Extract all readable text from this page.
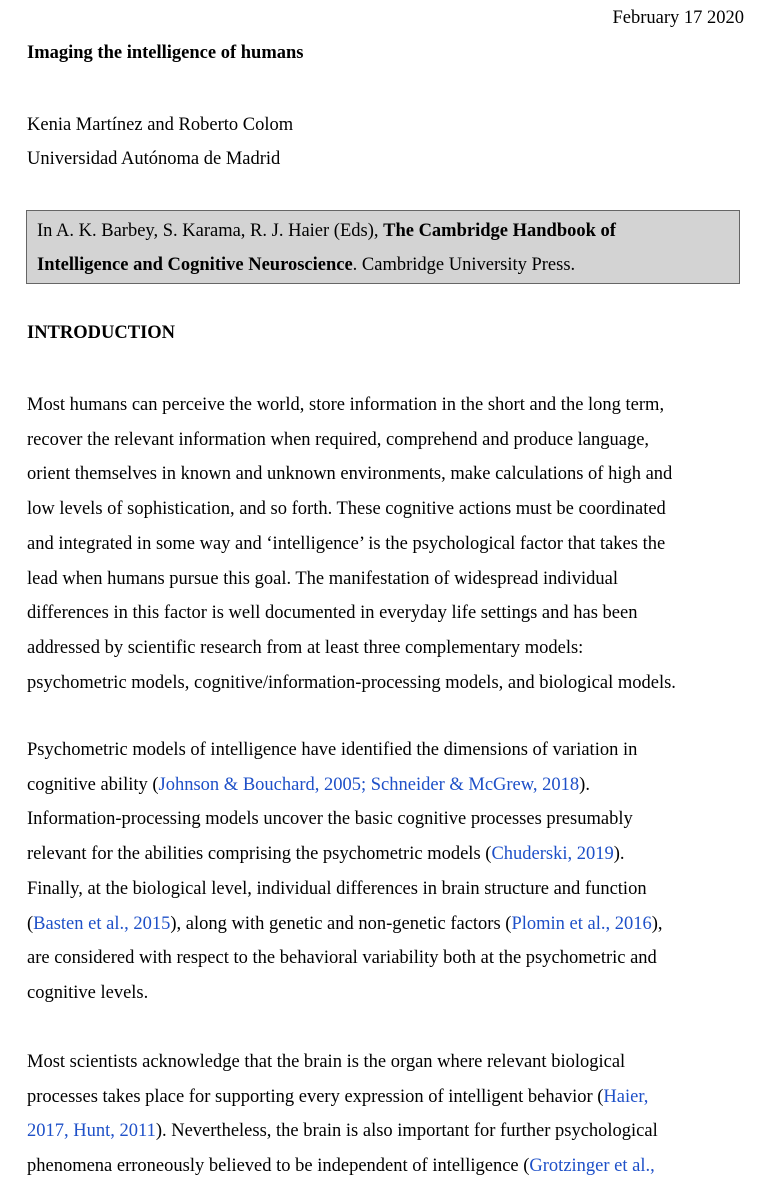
February 17 2020
Imaging the intelligence of humans
Kenia Martínez and Roberto Colom
Universidad Autónoma de Madrid
In A. K. Barbey, S. Karama, R. J. Haier (Eds), The Cambridge Handbook of
Intelligence and Cognitive Neuroscience. Cambridge University Press.
INTRODUCTION
Most humans can perceive the world, store information in the short and the long term,
recover the relevant information when required, comprehend and produce language,
orient themselves in known and unknown environments, make calculations of high and
low levels of sophistication, and so forth. These cognitive actions must be coordinated
and integrated in some way and ‘intelligence’ is the psychological factor that takes the
lead when humans pursue this goal. The manifestation of widespread individual
differences in this factor is well documented in everyday life settings and has been
addressed by scientific research from at least three complementary models:
psychometric models, cognitive/information-processing models, and biological models.
Psychometric models of intelligence have identified the dimensions of variation in
cognitive ability (Johnson & Bouchard, 2005; Schneider & McGrew, 2018).
Information-processing models uncover the basic cognitive processes presumably
relevant for the abilities comprising the psychometric models (Chuderski, 2019).
Finally, at the biological level, individual differences in brain structure and function
(Basten et al., 2015), along with genetic and non-genetic factors (Plomin et al., 2016),
are considered with respect to the behavioral variability both at the psychometric and
cognitive levels.
Most scientists acknowledge that the brain is the organ where relevant biological
processes takes place for supporting every expression of intelligent behavior (Haier,
2017, Hunt, 2011). Nevertheless, the brain is also important for further psychological
phenomena erroneously believed to be independent of intelligence (Grotzinger et al.,
